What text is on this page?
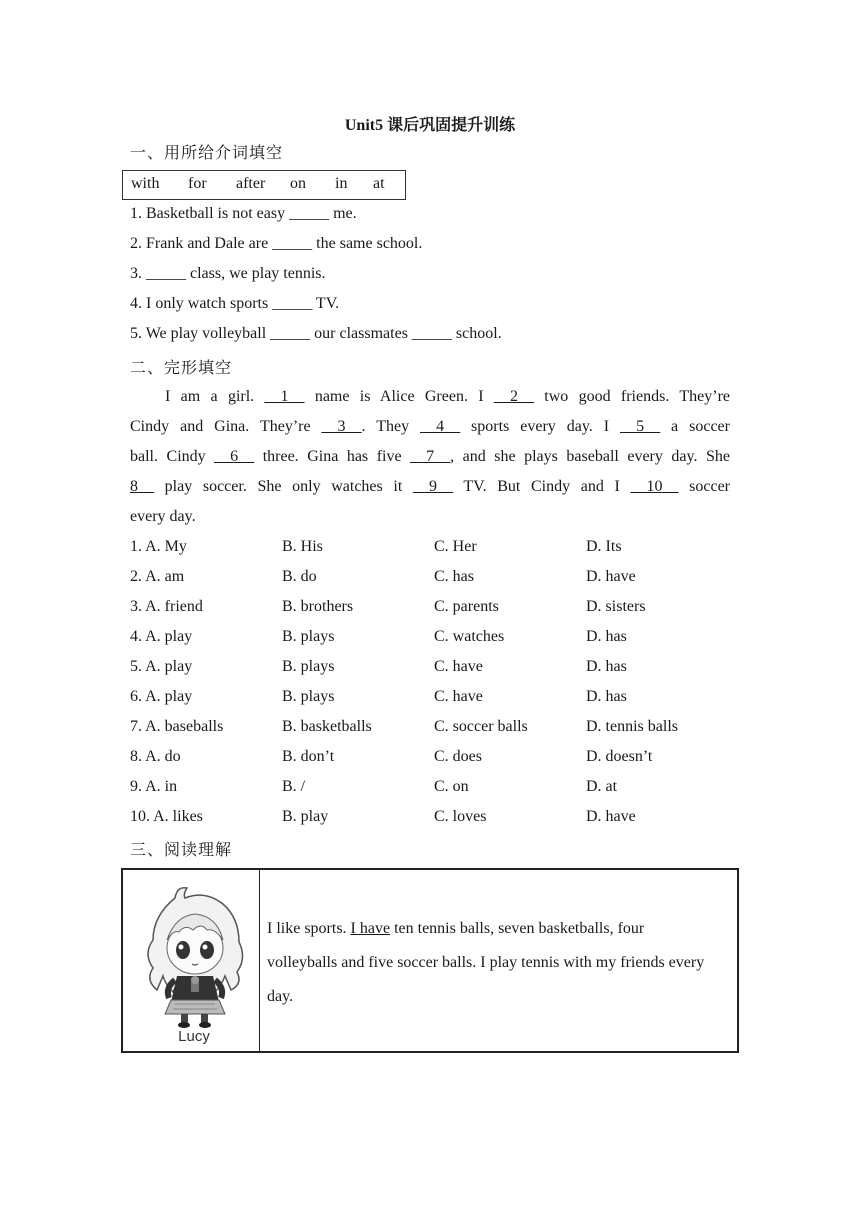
Unit5 课后巩固提升训练
一、用所给介词填空
with for after on in at
1. Basketball is not easy _____ me.
2. Frank and Dale are _____ the same school.
3. _____ class, we play tennis.
4. I only watch sports _____ TV.
5. We play volleyball _____ our classmates _____ school.
二、完形填空
I am a girl. __1__ name is Alice Green. I __2__ two good friends. They’re
Cindy and Gina. They’re __3__. They __4__ sports every day. I __5__ a soccer
ball. Cindy __6__ three. Gina has five __7__, and she plays baseball every day. She
8__ play soccer. She only watches it __9__ TV. But Cindy and I __10__ soccer
every day.
1. A. My	B. His	C. Her	D. Its
2. A. am	B. do	C. has	D. have
3. A. friend	B. brothers	C. parents	D. sisters
4. A. play	B. plays	C. watches	D. has
5. A. play	B. plays	C. have	D. has
6. A. play	B. plays	C. have	D. has
7. A. baseballs	B. basketballs	C. soccer balls	D. tennis balls
8. A. do	B. don’t	C. does	D. doesn’t
9. A. in	B. /	C. on	D. at
10. A. likes	B. play	C. loves	D. have
三、阅读理解
Lucy
I like sports. I have ten tennis balls, seven basketballs, four volleyballs and five soccer balls. I play tennis with my friends every day.
